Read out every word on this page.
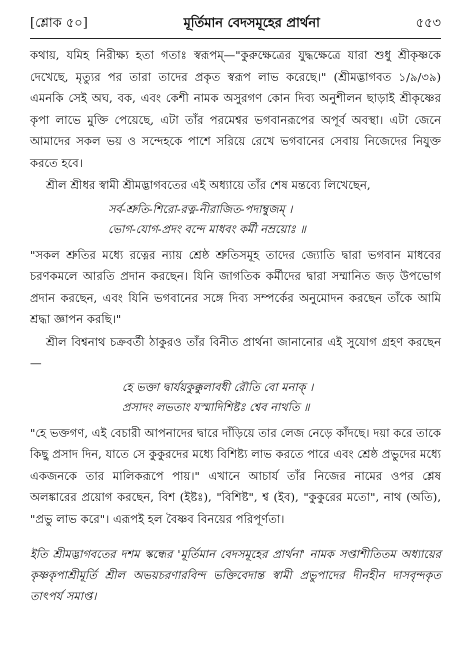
[শ্লোক ৫০]	মূর্তিমান বেদসমূহের প্রার্থনা	৫৫৩

কথায়, যমিহ নিরীক্ষ্য হতা গতাঃ স্বরূপম্—"কুরুক্ষেত্রের যুদ্ধক্ষেত্রে যারা শুধু শ্রীকৃষ্ণকে দেখেছে, মৃত্যুর পর তারা তাদের প্রকৃত স্বরূপ লাভ করেছে।" (শ্রীমদ্ভাগবত ১/৯/৩৯) এমনকি সেই অঘ, বক, এবং কেশী নামক অসুরগণ কোন দিব্য অনুশীলন ছাড়াই শ্রীকৃষ্ণের কৃপা লাভে মুক্তি পেয়েছে, এটা তাঁর পরমেশ্বর ভগবানরূপের অপূর্ব অবস্থা। এটা জেনে আমাদের সকল ভয় ও সন্দেহকে পাশে সরিয়ে রেখে ভগবানের সেবায় নিজেদের নিযুক্ত করতে হবে।

শ্রীল শ্রীধর স্বামী শ্রীমদ্ভাগবতের এই অধ্যায়ে তাঁর শেষ মন্তব্যে লিখেছেন,

সর্ব-শ্রুতি-শিরো-রত্ন-নীরাজিত-পদাম্বুজম্ ।
ভোগ-যোগ-প্রদং বন্দে মাধবং কর্মী নম্রয়োঃ ॥

"সকল শ্রুতির মধ্যে রত্নের ন্যায় শ্রেষ্ঠ শ্রুতিসমূহ তাদের জ্যোতি দ্বারা ভগবান মাধবের চরণকমলে আরতি প্রদান করছেন। যিনি জাগতিক কর্মীদের দ্বারা সম্মানিত জড় উপভোগ প্রদান করছেন, এবং যিনি ভগবানের সঙ্গে দিব্য সম্পর্কের অনুমোদন করছেন তাঁকে আমি শ্রদ্ধা জ্ঞাপন করছি।"

শ্রীল বিশ্বনাথ চক্রবর্তী ঠাকুরও তাঁর বিনীত প্রার্থনা জানানোর এই সুযোগ গ্রহণ করছেন—

হে ভক্তা দ্বার্যয়কুক্কুলাবধী রৌতি বো মনাক্ ।
প্রসাদং লভতাং যস্মাদিশিষ্টঃ শ্বেব নাথতি ॥

"হে ভক্তগণ, এই বেচারী আপনাদের দ্বারে দাঁড়িয়ে তার লেজ নেড়ে কাঁদছে। দয়া করে তাকে কিছু প্রসাদ দিন, যাতে সে কুকুরদের মধ্যে বিশিষ্ট্য লাভ করতে পারে এবং শ্রেষ্ঠ প্রভুদের মধ্যে একজনকে তার মালিকরূপে পায়।" এখানে আচার্য তাঁর নিজের নামের ওপর শ্লেষ অলঙ্কারের প্রয়োগ করছেন, বিশ (ইষ্টঃ), "বিশিষ্ট", শ্ব (ইব), "কুকুরের মতো", নাথ (অতি), "প্রভু লাভ করে"। এরূপই হল বৈষ্ণব বিনয়ের পরিপূর্ণতা।

ইতি শ্রীমদ্ভাগবতের দশম স্কন্ধের 'মূর্তিমান বেদসমূহের প্রার্থনা' নামক সপ্তাশীতিতম অধ্যায়ের কৃষ্ণকৃপাশ্রীমূর্তি শ্রীল অভয়চরণারবিন্দ ভক্তিবেদান্ত স্বামী প্রভুপাদের দীনহীন দাসবৃন্দকৃত তাৎপর্য সমাপ্ত।
